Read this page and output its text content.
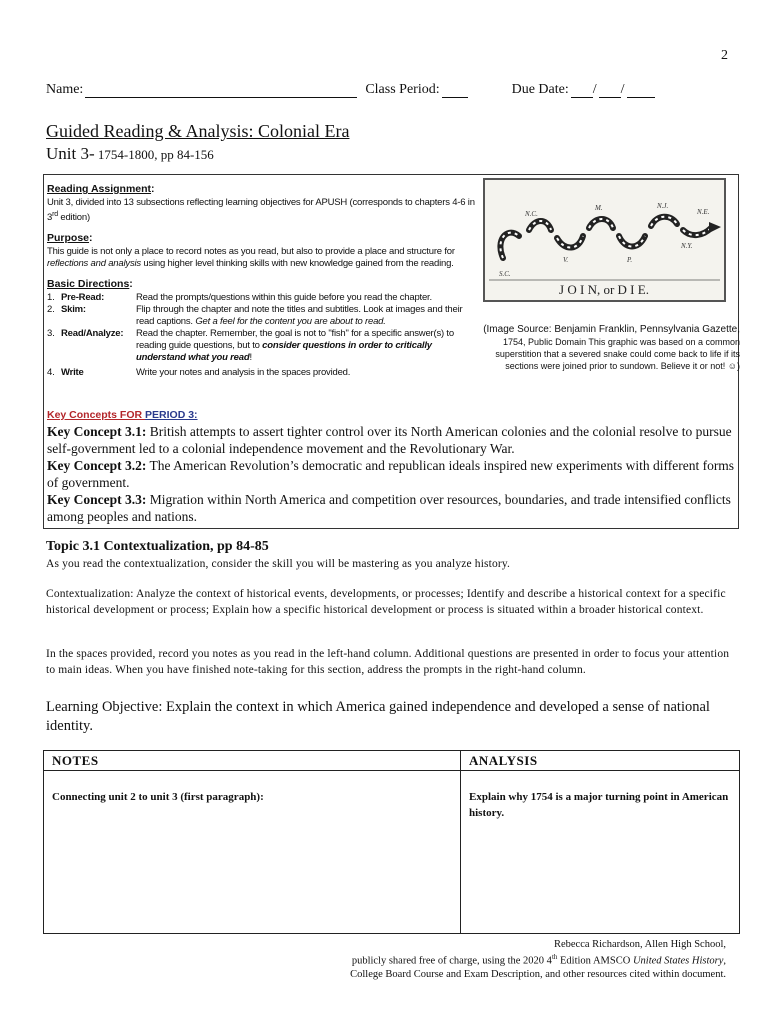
2
Name:	Class Period:	Due Date: / /
Guided Reading & Analysis: Colonial Era
Unit 3- 1754-1800, pp 84-156
Reading Assignment:
Unit 3, divided into 13 subsections reflecting learning objectives for APUSH (corresponds to chapters 4-6 in 3rd edition)
Purpose:
This guide is not only a place to record notes as you read, but also to provide a place and structure for reflections and analysis using higher level thinking skills with new knowledge gained from the reading.
Basic Directions:
1. Pre-Read:	Read the prompts/questions within this guide before you read the chapter.
2. Skim:	Flip through the chapter and note the titles and subtitles. Look at images and their read captions. Get a feel for the content you are about to read.
3. Read/Analyze:	Read the chapter. Remember, the goal is not to "fish" for a specific answer(s) to reading guide questions, but to consider questions in order to critically understand what you read!
4. Write	Write your notes and analysis in the spaces provided.
S.C.
N.C.
V.
M.
P.
N.J.
N.Y.
N.E.
J O I N, or D I E.
(Image Source: Benjamin Franklin, Pennsylvania Gazette,
1754, Public Domain This graphic was based on a common
superstition that a severed snake could come back to life if its
sections were joined prior to sundown. Believe it or not! ☺)
Key Concepts FOR PERIOD 3:
Key Concept 3.1: British attempts to assert tighter control over its North American colonies and the colonial resolve to pursue self-government led to a colonial independence movement and the Revolutionary War.
Key Concept 3.2: The American Revolution’s democratic and republican ideals inspired new experiments with different forms of government.
Key Concept 3.3: Migration within North America and competition over resources, boundaries, and trade intensified conflicts among peoples and nations.
Topic 3.1 Contextualization, pp 84-85
As you read the contextualization, consider the skill you will be mastering as you analyze history.
Contextualization: Analyze the context of historical events, developments, or processes; Identify and describe a historical context for a specific historical development or process; Explain how a specific historical development or process is situated within a broader historical context.
In the spaces provided, record you notes as you read in the left-hand column. Additional questions are presented in order to focus your attention to main ideas. When you have finished note-taking for this section, address the prompts in the right-hand column.
Learning Objective: Explain the context in which America gained independence and developed a sense of national identity.
NOTES	ANALYSIS
Connecting unit 2 to unit 3 (first paragraph):	Explain why 1754 is a major turning point in American history.
Rebecca Richardson, Allen High School,
publicly shared free of charge, using the 2020 4th Edition AMSCO United States History,
College Board Course and Exam Description, and other resources cited within document.
